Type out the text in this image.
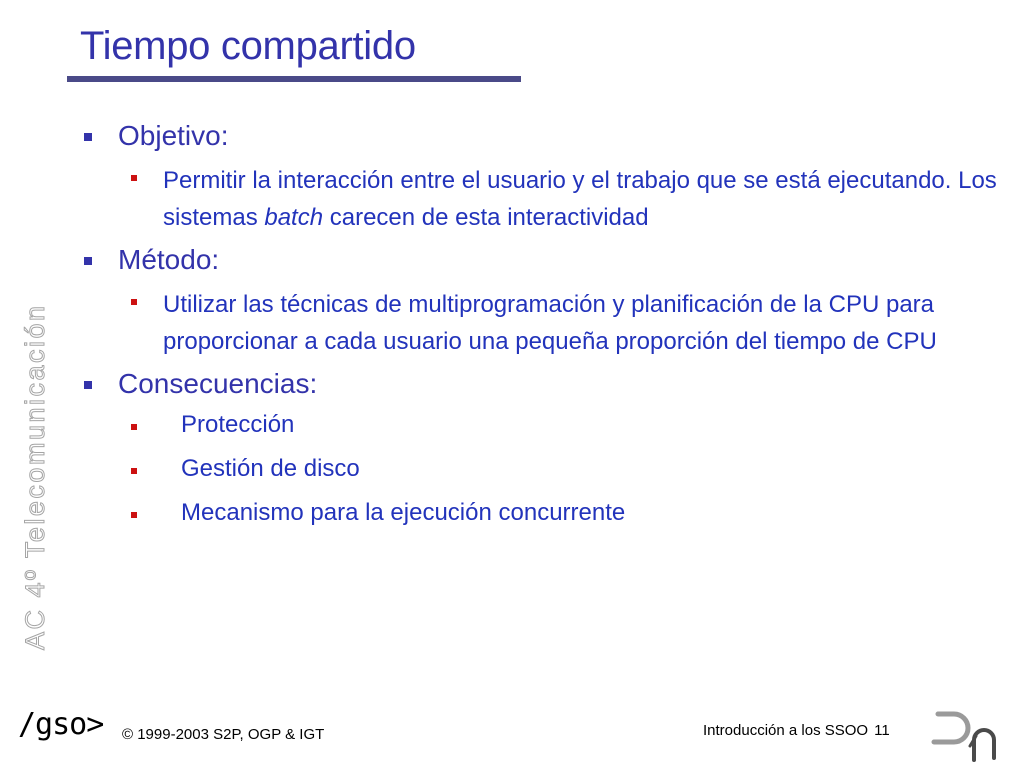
Tiempo compartido
AC 4º Telecomunicación
Objetivo:
Permitir la interacción entre el usuario y el trabajo que se está ejecutando. Los sistemas batch carecen de esta interactividad
Método:
Utilizar las técnicas de multiprogramación y planificación de la CPU para proporcionar a cada usuario una pequeña proporción del tiempo de CPU
Consecuencias:
Protección
Gestión de disco
Mecanismo para la ejecución concurrente
/gso> © 1999-2003 S2P, OGP & IGT	Introducción a los SSOO 11
